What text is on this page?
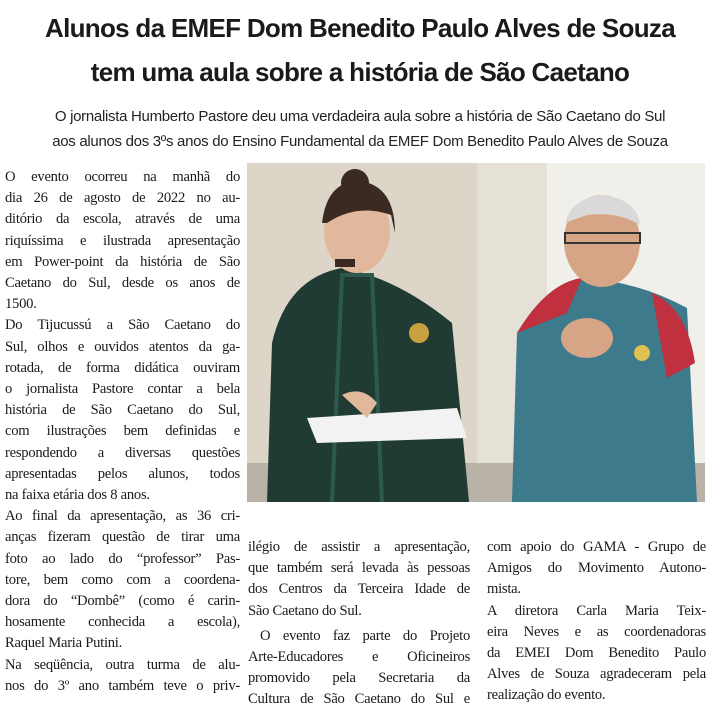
Alunos da EMEF Dom Benedito Paulo Alves de Souza
tem uma aula sobre a história de São Caetano
O jornalista Humberto Pastore deu uma verdadeira aula sobre a história de São Caetano do Sul
aos alunos dos 3ºs anos do Ensino Fundamental da EMEF Dom Benedito Paulo Alves de Souza
O evento ocorreu na manhã do
dia 26 de agosto de 2022 no au-
ditório da escola, através de uma
riquíssima e ilustrada apresentação
em Power-point da história de São
Caetano do Sul, desde os anos de
1500.
Do Tijucussú a São Caetano do
Sul, olhos e ouvidos atentos da ga-
rotada, de forma didática ouviram
o jornalista Pastore contar a bela
história de São Caetano do Sul,
com ilustrações bem definidas e
respondendo a diversas questões
apresentadas pelos alunos, todos
na faixa etária dos 8 anos.
Ao final da apresentação, as 36 cri-
anças fizeram questão de tirar uma
foto ao lado do “professor” Pas-
tore, bem como com a coordena-
dora do “Dombê” (como é carin-
hosamente conhecida a escola),
Raquel Maria Putini.
Na seqüência, outra turma de alu-
nos do 3º ano também teve o priv-
ilégio de assistir a apresentação,
que também será levada às pessoas
dos Centros da Terceira Idade de
São Caetano do Sul.
O evento faz parte do Projeto
Arte-Educadores e Oficineiros
promovido pela Secretaria da
Cultura de São Caetano do Sul e
com apoio do GAMA - Grupo de
Amigos do Movimento Autono-
mista.
A diretora Carla Maria Teix-
eira Neves e as coordenadoras
da EMEI Dom Benedito Paulo
Alves de Souza agradeceram pela
realização do evento.
